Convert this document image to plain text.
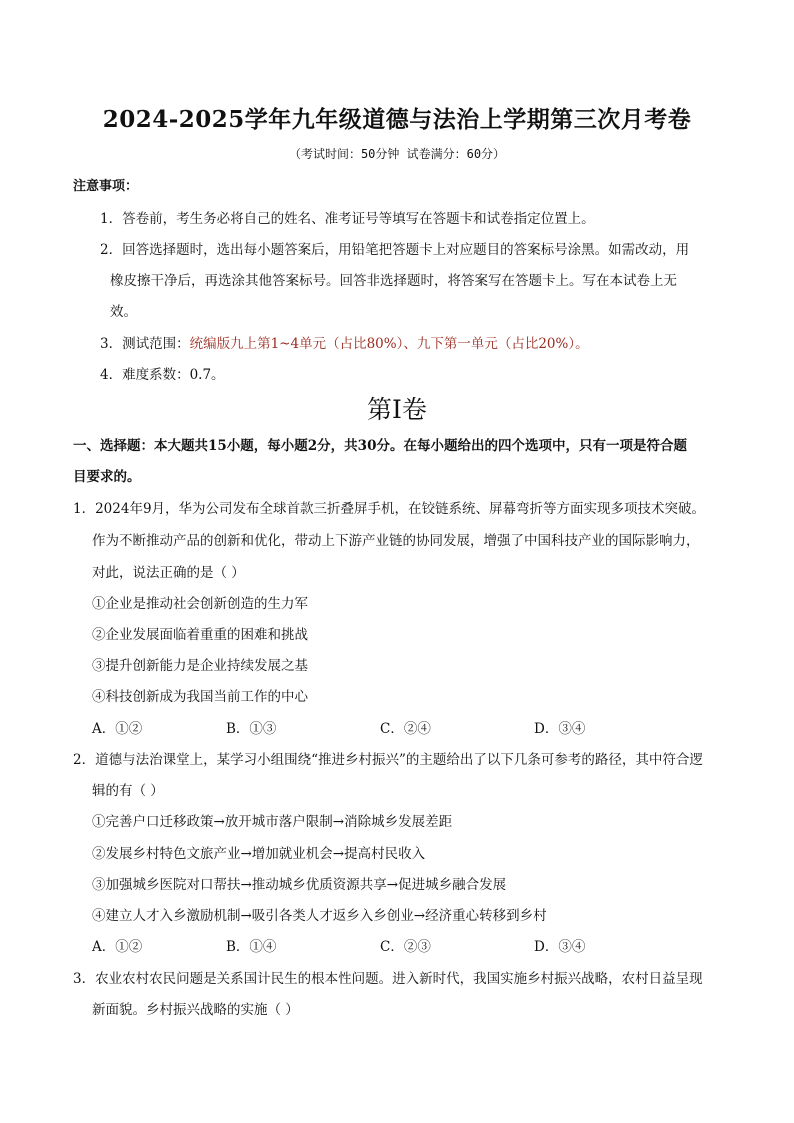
2024-2025学年九年级道德与法治上学期第三次月考卷
（考试时间：50分钟 试卷满分：60分）
注意事项：
1．答卷前，考生务必将自己的姓名、准考证号等填写在答题卡和试卷指定位置上。
2．回答选择题时，选出每小题答案后，用铅笔把答题卡上对应题目的答案标号涂黑。如需改动，用
橡皮擦干净后，再选涂其他答案标号。回答非选择题时，将答案写在答题卡上。写在本试卷上无
效。
3．测试范围：统编版九上第1~4单元（占比80%）、九下第一单元（占比20%）。
4．难度系数：0.7。
第Ⅰ卷
一、选择题：本大题共15小题，每小题2分，共30分。在每小题给出的四个选项中，只有一项是符合题
目要求的。
1．2024年9月，华为公司发布全球首款三折叠屏手机，在铰链系统、屏幕弯折等方面实现多项技术突破。
作为不断推动产品的创新和优化，带动上下游产业链的协同发展，增强了中国科技产业的国际影响力，
对此，说法正确的是（ ）
①企业是推动社会创新创造的生力军
②企业发展面临着重重的困难和挑战
③提升创新能力是企业持续发展之基
④科技创新成为我国当前工作的中心
A．①②	B．①③	C．②④	D．③④
2．道德与法治课堂上，某学习小组围绕“推进乡村振兴”的主题给出了以下几条可参考的路径，其中符合逻
辑的有（ ）
①完善户口迁移政策→放开城市落户限制→消除城乡发展差距
②发展乡村特色文旅产业→增加就业机会→提高村民收入
③加强城乡医院对口帮扶→推动城乡优质资源共享→促进城乡融合发展
④建立人才入乡激励机制→吸引各类人才返乡入乡创业→经济重心转移到乡村
A．①②	B．①④	C．②③	D．③④
3．农业农村农民问题是关系国计民生的根本性问题。进入新时代，我国实施乡村振兴战略，农村日益呈现
新面貌。乡村振兴战略的实施（ ）
